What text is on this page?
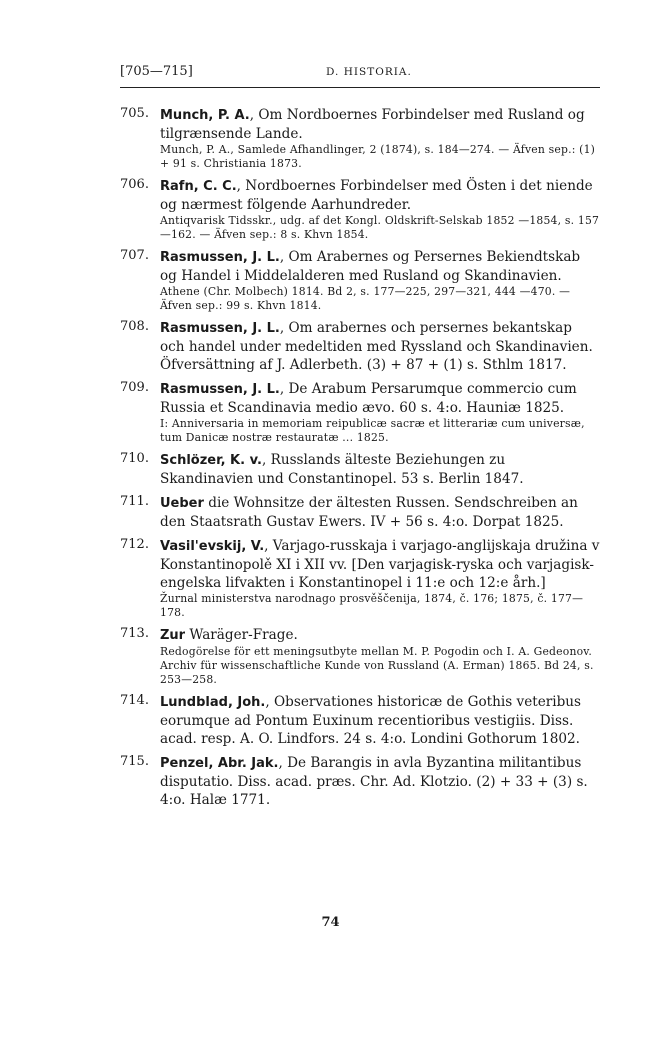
[705—715]	D. HISTORIA.
705. Munch, P. A., Om Nordboernes Forbindelser med Rusland og tilgrænsende Lande.
Munch, P. A., Samlede Afhandlinger, 2 (1874), s. 184—274. — Äfven sep.: (1) + 91 s. Christiania 1873.
706. Rafn, C. C., Nordboernes Forbindelser med Östen i det niende og nærmest fölgende Aarhundreder.
Antiqvarisk Tidsskr., udg. af det Kongl. Oldskrift-Selskab 1852 —1854, s. 157—162. — Äfven sep.: 8 s. Khvn 1854.
707. Rasmussen, J. L., Om Arabernes og Persernes Bekiendtskab og Handel i Middelalderen med Rusland og Skandinavien.
Athene (Chr. Molbech) 1814. Bd 2, s. 177—225, 297—321, 444 —470. — Äfven sep.: 99 s. Khvn 1814.
708. Rasmussen, J. L., Om arabernes och persernes bekantskap och handel under medeltiden med Ryssland och Skandinavien. Öfversättning af J. Adlerbeth. (3) + 87 + (1) s. Sthlm 1817.
709. Rasmussen, J. L., De Arabum Persarumque commercio cum Russia et Scandinavia medio ævo. 60 s. 4:o. Hauniæ 1825.
I: Anniversaria in memoriam reipublicæ sacræ et litterariæ cum universæ, tum Danicæ nostræ restauratæ ... 1825.
710. Schlözer, K. v., Russlands älteste Beziehungen zu Skandinavien und Constantinopel. 53 s. Berlin 1847.
711. Ueber die Wohnsitze der ältesten Russen. Sendschreiben an den Staatsrath Gustav Ewers. IV + 56 s. 4:o. Dorpat 1825.
712. Vasil'evskij, V., Varjago-russkaja i varjago-anglijskaja družina v Konstantinopolě XI i XII vv. [Den varjagisk-ryska och varjagisk-engelska lifvakten i Konstantinopel i 11:e och 12:e årh.]
Žurnal ministerstva narodnago prosvěščenija, 1874, č. 176; 1875, č. 177—178.
713. Zur Waräger-Frage.
Redogörelse för ett meningsutbyte mellan M. P. Pogodin och I. A. Gedeonov.
Archiv für wissenschaftliche Kunde von Russland (A. Erman) 1865. Bd 24, s. 253—258.
714. Lundblad, Joh., Observationes historicæ de Gothis veteribus eorumque ad Pontum Euxinum recentioribus vestigiis. Diss. acad. resp. A. O. Lindfors. 24 s. 4:o. Londini Gothorum 1802.
715. Penzel, Abr. Jak., De Barangis in avla Byzantina militantibus disputatio. Diss. acad. præs. Chr. Ad. Klotzio. (2) + 33 + (3) s. 4:o. Halæ 1771.
74
